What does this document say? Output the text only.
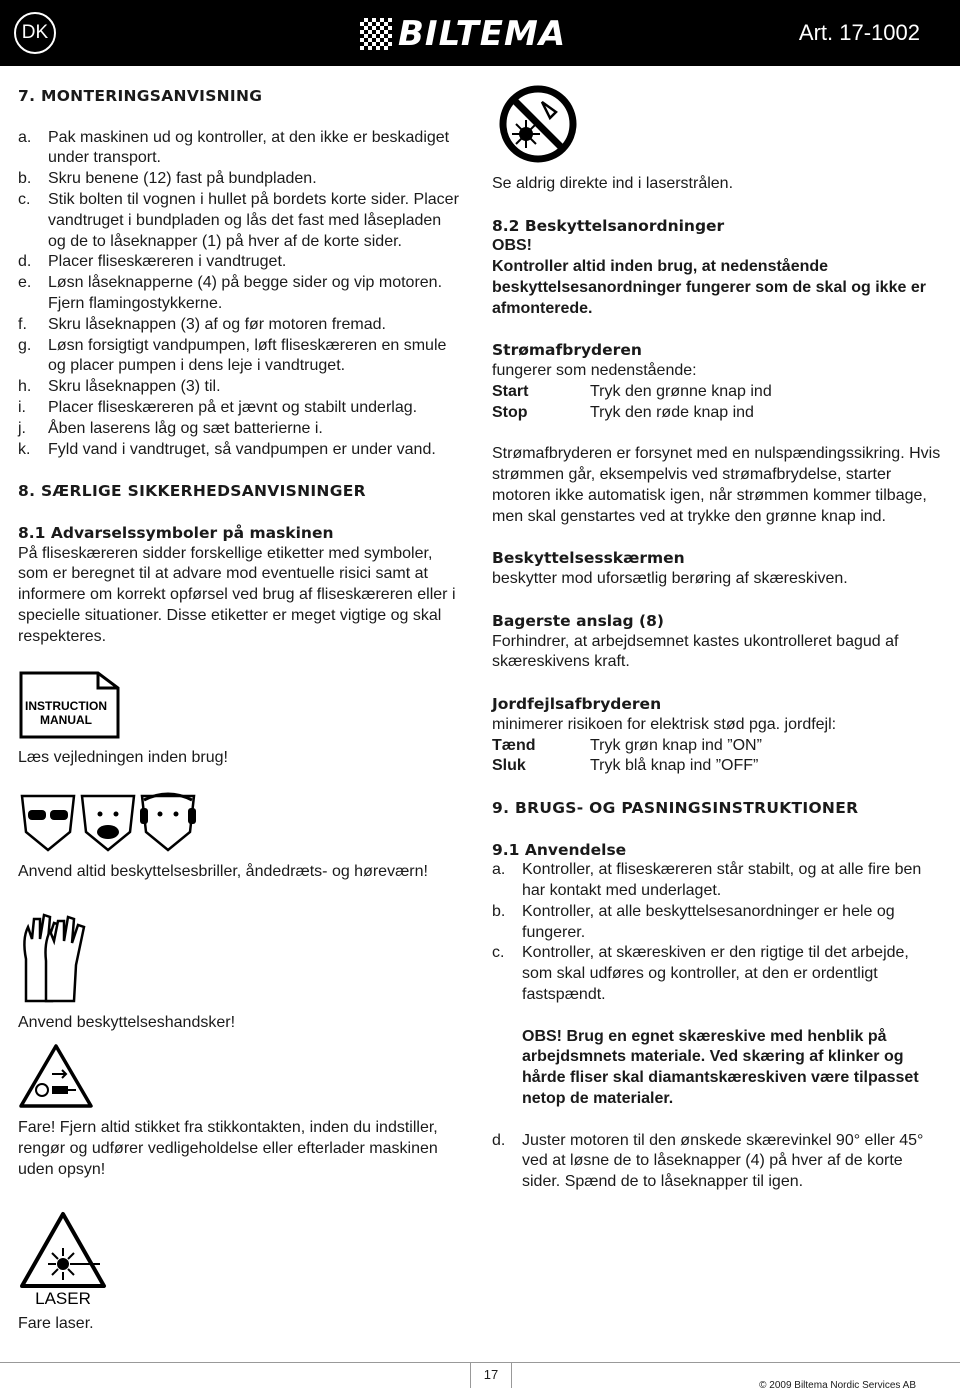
DK	BILTEMA	Art. 17-1002
7. MONTERINGSANVISNING
a.	Pak maskinen ud og kontroller, at den ikke er beskadiget under transport.
b.	Skru benene (12) fast på bundpladen.
c.	Stik bolten til vognen i hullet på bordets korte sider. Placer vandtruget i bundpladen og lås det fast med låsepladen og de to låseknapper (1) på hver af de korte sider.
d.	Placer fliseskæreren i vandtruget.
e.	Løsn låseknapperne (4) på begge sider og vip motoren. Fjern flamingostykkerne.
f.	Skru låseknappen (3) af og før motoren fremad.
g.	Løsn forsigtigt vandpumpen, løft fliseskæreren en smule og placer pumpen i dens leje i vandtruget.
h.	Skru låseknappen (3) til.
i.	Placer fliseskæreren på et jævnt og stabilt underlag.
j.	Åben laserens låg og sæt batterierne i.
k.	Fyld vand i vandtruget, så vandpumpen er under vand.
8. SÆRLIGE SIKKERHEDSANVISNINGER
8.1 Advarselssymboler på maskinen

På fliseskæreren sidder forskellige etiketter med symboler, som er beregnet til at advare mod eventuelle risici samt at informere om korrekt opførsel ved brug af fliseskæreren eller i specielle situationer. Disse etiketter er meget vigtige og skal respekteres.

INSTRUCTION
MANUAL

Læs vejledningen inden brug!

Anvend altid beskyttelsesbriller, åndedræts- og høreværn!

Anvend beskyttelseshandsker!

Fare! Fjern altid stikket fra stikkontakten, inden du indstiller, rengør og udfører vedligeholdelse eller efterlader maskinen uden opsyn!

LASER

Fare laser.

Se aldrig direkte ind i laserstrålen.

8.2 Beskyttelsanordninger

OBS!

Kontroller altid inden brug, at nedenstående beskyttelsesanordninger fungerer som de skal og ikke er afmonterede.

Strømafbryderen

fungerer som nedenstående:

Start	Tryk den grønne knap ind
Stop	Tryk den røde knap ind

Strømafbryderen er forsynet med en nulspændingssikring. Hvis strømmen går, eksempelvis ved strømafbrydelse, starter motoren ikke automatisk igen, når strømmen kommer tilbage, men skal genstartes ved at trykke den grønne knap ind.

Beskyttelsesskærmen

beskytter mod uforsætlig berøring af skæreskiven.

Bagerste anslag (8)

Forhindrer, at arbejdsemnet kastes ukontrolleret bagud af skæreskivens kraft.

Jordfejlsafbryderen

minimerer risikoen for elektrisk stød pga. jordfejl:

Tænd	Tryk grøn knap ind ”ON”
Sluk	Tryk blå knap ind ”OFF”
9. BRUGS- OG PASNINGSINSTRUKTIONER
9.1 Anvendelse
a.	Kontroller, at fliseskæreren står stabilt, og at alle fire ben har kontakt med underlaget.
b.	Kontroller, at alle beskyttelsesanordninger er hele og fungerer.
c.	Kontroller, at skæreskiven er den rigtige til det arbejde, som skal udføres og kontroller, at den er ordentligt fastspændt.
OBS! Brug en egnet skæreskive med henblik på arbejdsmnets materiale. Ved skæring af klinker og hårde fliser skal diamantskæreskiven være tilpasset netop de materialer.
d.	Juster motoren til den ønskede skærevinkel 90° eller 45° ved at løsne de to låseknapper (4) på hver af de korte sider. Spænd de to låseknapper til igen.
17
© 2009 Biltema Nordic Services AB
